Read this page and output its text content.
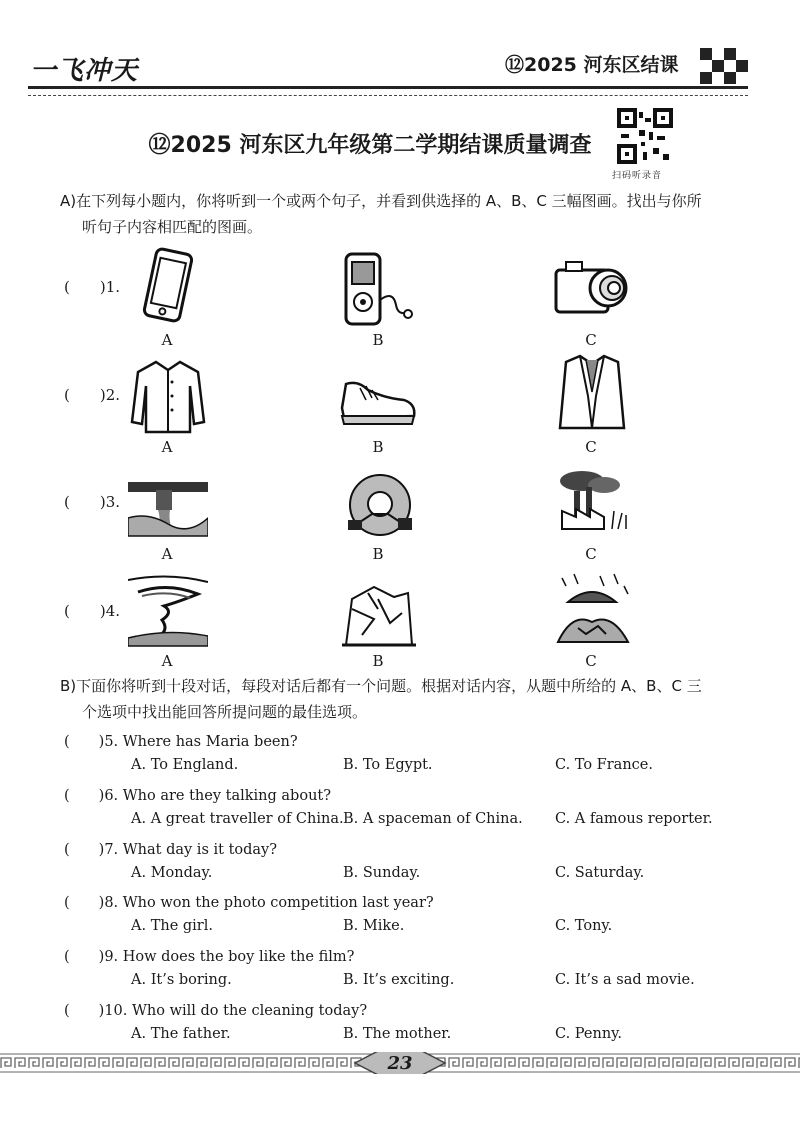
一飞冲天	⑫2025 河东区结课
⑫2025 河东区九年级第二学期结课质量调查
扫码听录音
A)在下列每小题内，你将听到一个或两个句子，并看到供选择的 A、B、C 三幅图画。找出与你所
听句子内容相匹配的图画。
(　　)1.
A	B	C
(　　)2.
A	B	C
(　　)3.
A	B	C
(　　)4.
A	B	C
B)下面你将听到十段对话，每段对话后都有一个问题。根据对话内容，从题中所给的 A、B、C 三
个选项中找出能回答所提问题的最佳选项。
(　　)5. Where has Maria been?
A. To England.	B. To Egypt.	C. To France.
(　　)6. Who are they talking about?
A. A great traveller of China. B. A spaceman of China. C. A famous reporter.
(　　)7. What day is it today?
A. Monday.	B. Sunday.	C. Saturday.
(　　)8. Who won the photo competition last year?
A. The girl.	B. Mike.	C. Tony.
(　　)9. How does the boy like the film?
A. It’s boring.	B. It’s exciting.	C. It’s a sad movie.
(　　)10. Who will do the cleaning today?
A. The father.	B. The mother.	C. Penny.
23
